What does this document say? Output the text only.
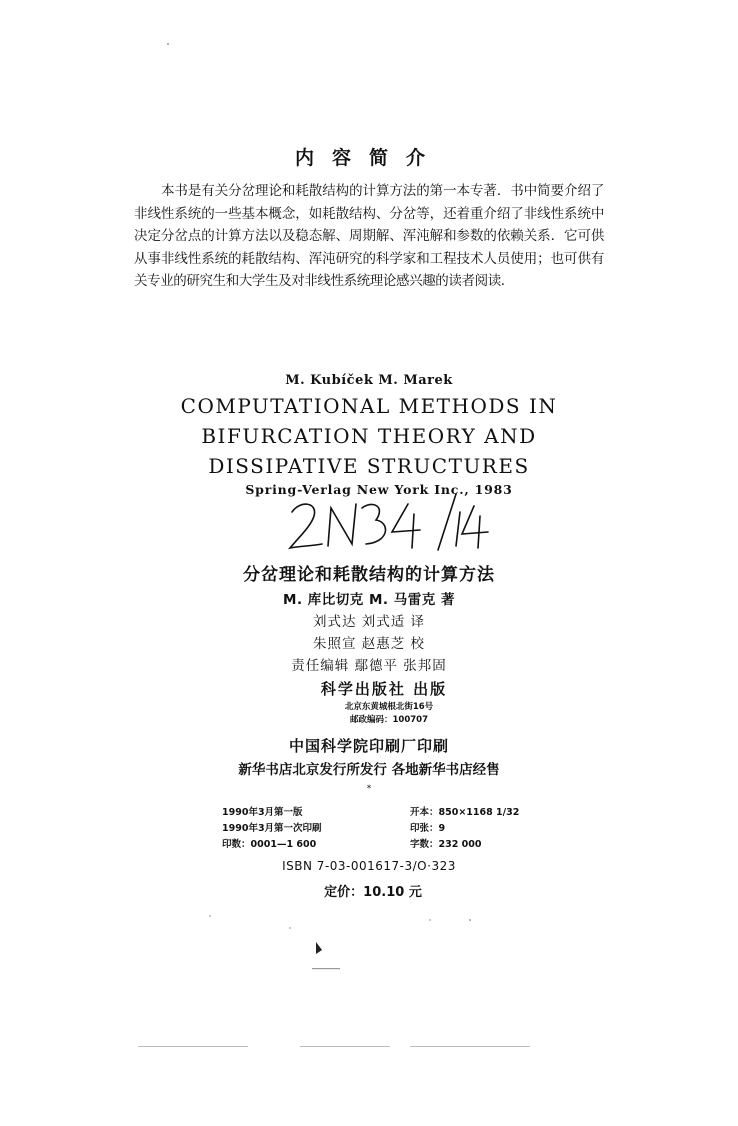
内容简介
本书是有关分岔理论和耗散结构的计算方法的第一本专著．书中简要介绍了非线性系统的一些基本概念，如耗散结构、分岔等，还着重介绍了非线性系统中决定分岔点的计算方法以及稳态解、周期解、浑沌解和参数的依赖关系．它可供从事非线性系统的耗散结构、浑沌研究的科学家和工程技术人员使用；也可供有关专业的研究生和大学生及对非线性系统理论感兴趣的读者阅读．
M. Kubíček M. Marek
COMPUTATIONAL METHODS IN
BIFURCATION THEORY AND
DISSIPATIVE STRUCTURES
Spring-Verlag New York Inc., 1983
2N34/14
分岔理论和耗散结构的计算方法
M. 库比切克 M. 马雷克 著
刘式达 刘式适 译
朱照宣 赵惠芝 校
责任编辑 鄢德平 张邦固
科学出版社 出版
北京东黄城根北街16号
邮政编码：100707
中国科学院印刷厂印刷
新华书店北京发行所发行 各地新华书店经售
*
1990年3月第一版	开本：850×1168 1/32
1990年3月第一次印刷	印张：9
印数：0001—1 600	字数：232 000
ISBN 7-03-001617-3/O·323
定价：10.10 元
